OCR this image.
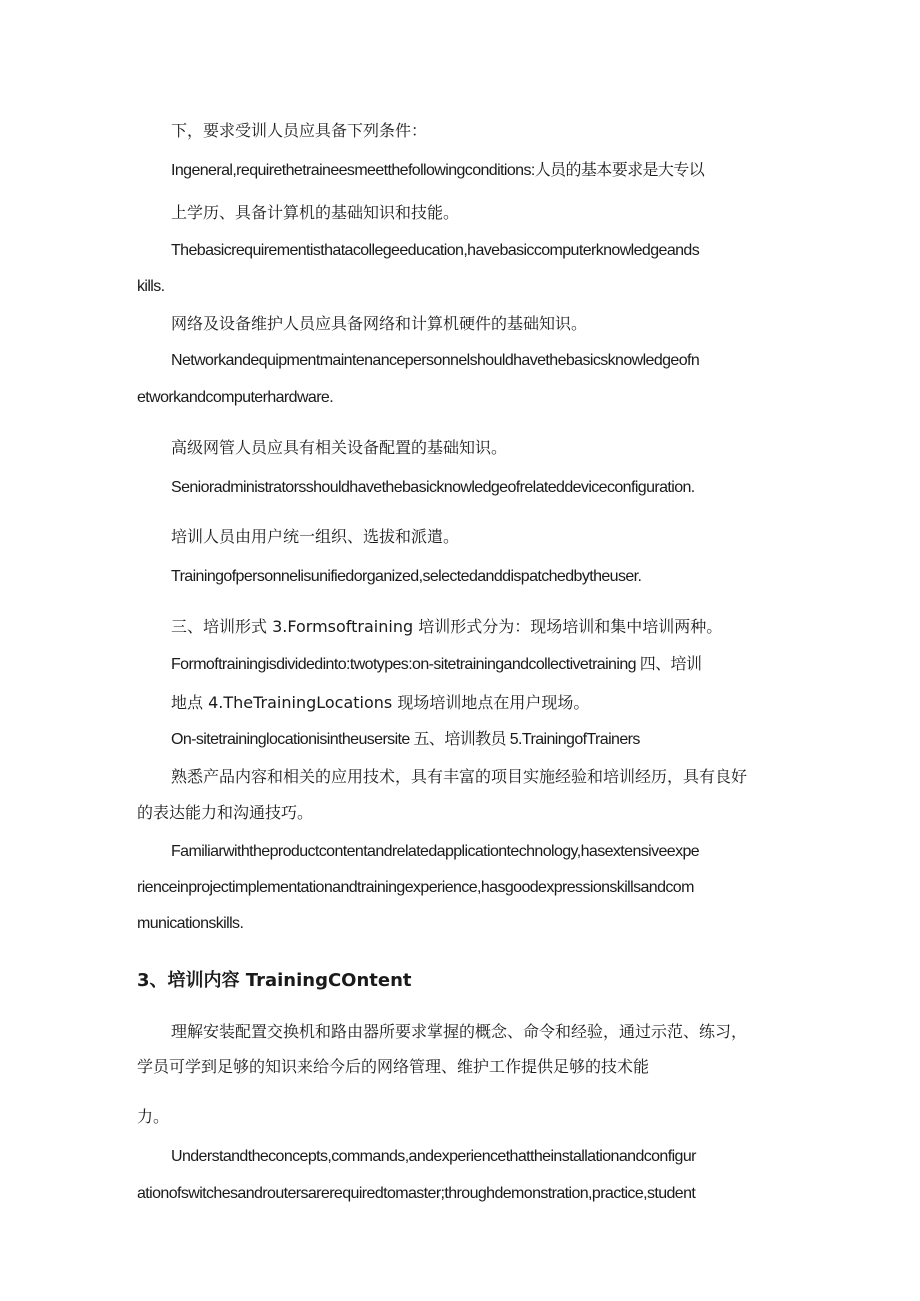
下，要求受训人员应具备下列条件：
Ingeneral,requirethetraineesmeetthefollowingconditions:人员的基本要求是大专以
上学历、具备计算机的基础知识和技能。
Thebasicrequirementisthatacollegeeducation,havebasiccomputerknowledgeands
kills.
网络及设备维护人员应具备网络和计算机硬件的基础知识。
Networkandequipmentmaintenancepersonnelshouldhavethebasicsknowledgeofn
etworkandcomputerhardware.
高级网管人员应具有相关设备配置的基础知识。
Senioradministratorsshouldhavethebasicknowledgeofrelateddeviceconfiguration.
培训人员由用户统一组织、选拔和派遣。
Trainingofpersonnelisunifiedorganized,selectedanddispatchedbytheuser.
三、培训形式 3.Formsoftraining 培训形式分为：现场培训和集中培训两种。
Formoftrainingisdividedinto:twotypes:on-sitetrainingandcollectivetraining 四、培训
地点 4.TheTrainingLocations 现场培训地点在用户现场。
On-sitetraininglocationisintheusersite 五、培训教员 5.TrainingofTrainers
熟悉产品内容和相关的应用技术，具有丰富的项目实施经验和培训经历，具有良好
的表达能力和沟通技巧。
Familiarwiththeproductcontentandrelatedapplicationtechnology,hasextensiveexpe
rienceinprojectimplementationandtrainingexperience,hasgoodexpressionskillsandcom
municationskills.
3、培训内容 TrainingCOntent
理解安装配置交换机和路由器所要求掌握的概念、命令和经验，通过示范、练习，
学员可学到足够的知识来给今后的网络管理、维护工作提供足够的技术能
力。
Understandtheconcepts,commands,andexperiencethattheinstallationandconfigur
ationofswitchesandroutersarerequiredtomaster;throughdemonstration,practice,student
